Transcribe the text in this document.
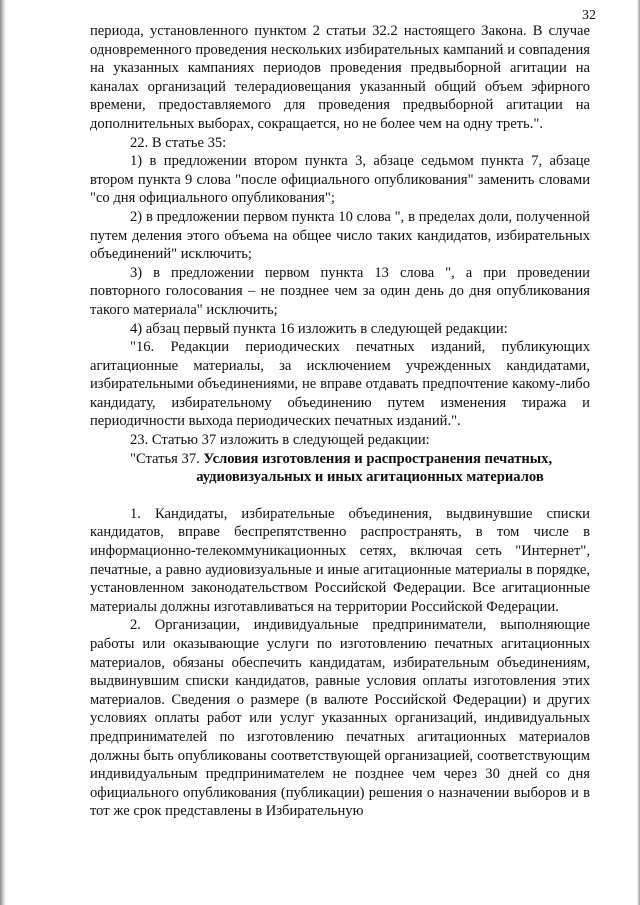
32

периода, установленного пунктом 2 статьи 32.2 настоящего Закона. В случае одновременного проведения нескольких избирательных кампаний и совпадения на указанных кампаниях периодов проведения предвыборной агитации на каналах организаций телерадиовещания указанный общий объем эфирного времени, предоставляемого для проведения предвыборной агитации на дополнительных выборах, сокращается, но не более чем на одну треть.".

22. В статье 35:

1) в предложении втором пункта 3, абзаце седьмом пункта 7, абзаце втором пункта 9 слова "после официального опубликования" заменить словами "со дня официального опубликования";

2) в предложении первом пункта 10 слова ", в пределах доли, полученной путем деления этого объема на общее число таких кандидатов, избирательных объединений" исключить;

3) в предложении первом пункта 13 слова ", а при проведении повторного голосования – не позднее чем за один день до дня опубликования такого материала" исключить;

4) абзац первый пункта 16 изложить в следующей редакции:

"16. Редакции периодических печатных изданий, публикующих агитационные материалы, за исключением учрежденных кандидатами, избирательными объединениями, не вправе отдавать предпочтение какому-либо кандидату, избирательному объединению путем изменения тиража и периодичности выхода периодических печатных изданий.".

23. Статью 37 изложить в следующей редакции:

"Статья 37. Условия изготовления и распространения печатных,
аудиовизуальных и иных агитационных материалов

1. Кандидаты, избирательные объединения, выдвинувшие списки кандидатов, вправе беспрепятственно распространять, в том числе в информационно-телекоммуникационных сетях, включая сеть "Интернет", печатные, а равно аудиовизуальные и иные агитационные материалы в порядке, установленном законодательством Российской Федерации. Все агитационные материалы должны изготавливаться на территории Российской Федерации.

2. Организации, индивидуальные предприниматели, выполняющие работы или оказывающие услуги по изготовлению печатных агитационных материалов, обязаны обеспечить кандидатам, избирательным объединениям, выдвинувшим списки кандидатов, равные условия оплаты изготовления этих материалов. Сведения о размере (в валюте Российской Федерации) и других условиях оплаты работ или услуг указанных организаций, индивидуальных предпринимателей по изготовлению печатных агитационных материалов должны быть опубликованы соответствующей организацией, соответствующим индивидуальным предпринимателем не позднее чем через 30 дней со дня официального опубликования (публикации) решения о назначении выборов и в тот же срок представлены в Избирательную
